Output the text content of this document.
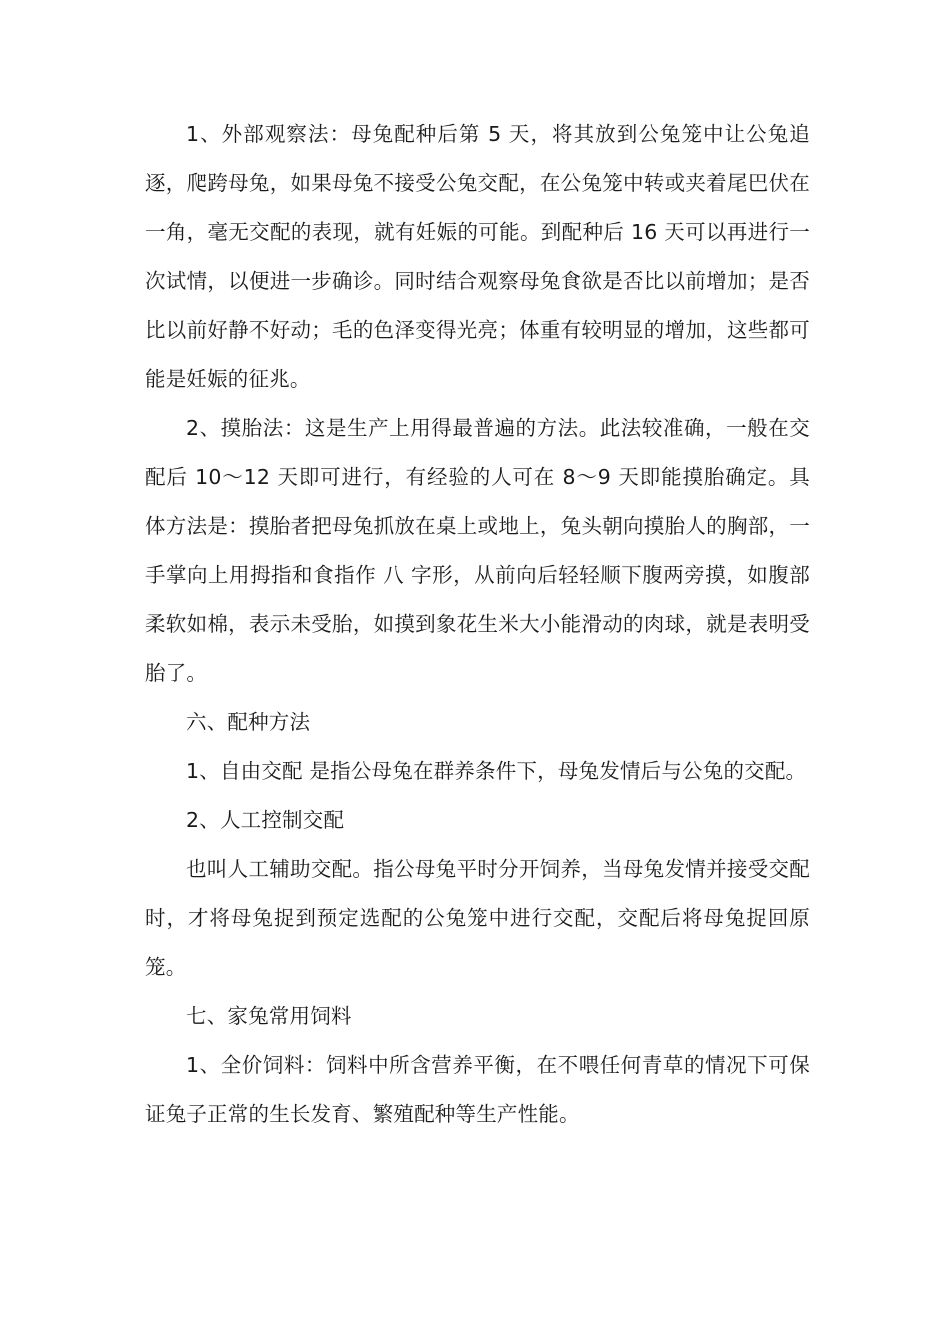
1、外部观察法：母兔配种后第 5 天，将其放到公兔笼中让公兔追逐，爬跨母兔，如果母兔不接受公兔交配，在公兔笼中转或夹着尾巴伏在一角，毫无交配的表现，就有妊娠的可能。到配种后 16 天可以再进行一次试情，以便进一步确诊。同时结合观察母兔食欲是否比以前增加；是否比以前好静不好动；毛的色泽变得光亮；体重有较明显的增加，这些都可能是妊娠的征兆。

2、摸胎法：这是生产上用得最普遍的方法。此法较准确，一般在交配后 10～12 天即可进行，有经验的人可在 8～9 天即能摸胎确定。具体方法是：摸胎者把母兔抓放在桌上或地上，兔头朝向摸胎人的胸部，一手掌向上用拇指和食指作 八 字形，从前向后轻轻顺下腹两旁摸，如腹部柔软如棉，表示未受胎，如摸到象花生米大小能滑动的肉球，就是表明受胎了。

六、配种方法

1、自由交配 是指公母兔在群养条件下，母兔发情后与公兔的交配。

2、人工控制交配

也叫人工辅助交配。指公母兔平时分开饲养，当母兔发情并接受交配时，才将母兔捉到预定选配的公兔笼中进行交配，交配后将母兔捉回原笼。

七、家兔常用饲料

1、全价饲料：饲料中所含营养平衡，在不喂任何青草的情况下可保证兔子正常的生长发育、繁殖配种等生产性能。
